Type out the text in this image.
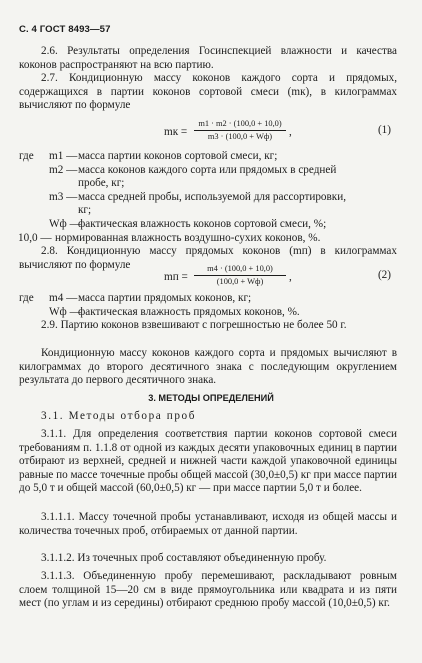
С. 4 ГОСТ 8493—57

2.6. Результаты определения Госинспекцией влажности и качества коконов распространяют на всю партию.

2.7. Кондиционную массу коконов каждого сорта и прядомых, содержащихся в партии коконов сортовой смеси (mк), в килограммах вычисляют по формуле

mк =
m1 · m2 · (100,0 + 10,0)
m3 · (100,0 + Wф)	,	(1)
где m1 — масса партии коконов сортовой смеси, кг;
m2 — масса коконов каждого сорта или прядомых в средней
пробе, кг;
m3 — масса средней пробы, используемой для рассортировки,
кг;
Wф —
фактическая влажность коконов сортовой смеси, %;
10,0 — нормированная влажность воздушно-сухих коконов, %.

2.8. Кондиционную массу прядомых коконов (mп) в килограммах вычисляют по формуле

mп =
m4 · (100,0 + 10,0)
(100,0 + Wф)	,	(2)
где m4 — масса партии прядомых коконов, кг;
Wф —
фактическая влажность прядомых коконов, %.

2.9. Партию коконов взвешивают с погрешностью не более 50 г.

Кондиционную массу коконов каждого сорта и прядомых вычисляют в килограммах до второго десятичного знака с последующим округлением результата до первого десятичного знака.

3. МЕТОДЫ ОПРЕДЕЛЕНИЙ

3.1. Методы отбора проб

3.1.1. Для определения соответствия партии коконов сортовой смеси требованиям п. 1.1.8 от одной из каждых десяти упаковочных единиц в партии отбирают из верхней, средней и нижней части каждой упаковочной единицы равные по массе точечные пробы общей массой (30,0±0,5) кг при массе партии до 5,0 т и общей массой (60,0±0,5) кг — при массе партии 5,0 т и более.

3.1.1.1. Массу точечной пробы устанавливают, исходя из общей массы и количества точечных проб, отбираемых от данной партии.

3.1.1.2. Из точечных проб составляют объединенную пробу.

3.1.1.3. Объединенную пробу перемешивают, раскладывают ровным слоем толщиной 15—20 см в виде прямоугольника или квадрата и из пяти мест (по углам и из середины) отбирают среднюю пробу массой (10,0±0,5) кг.
